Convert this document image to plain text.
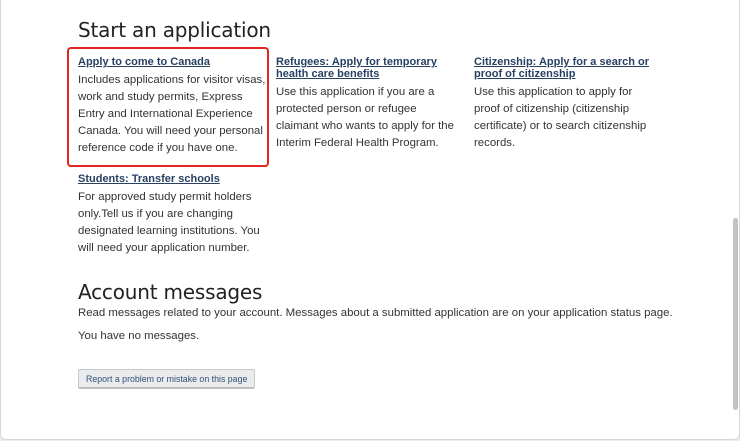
Start an application
Apply to come to Canada

Includes applications for visitor visas, work and study permits, Express Entry and International Experience Canada. You will need your personal reference code if you have one.

Refugees: Apply for temporary health care benefits

Use this application if you are a protected person or refugee claimant who wants to apply for the Interim Federal Health Program.

Citizenship: Apply for a search or proof of citizenship

Use this application to apply for proof of citizenship (citizenship certificate) or to search citizenship records.

Students: Transfer schools

For approved study permit holders only.Tell us if you are changing designated learning institutions. You will need your application number.

Account messages
Read messages related to your account. Messages about a submitted application are on your application status page.
You have no messages.
Report a problem or mistake on this page
